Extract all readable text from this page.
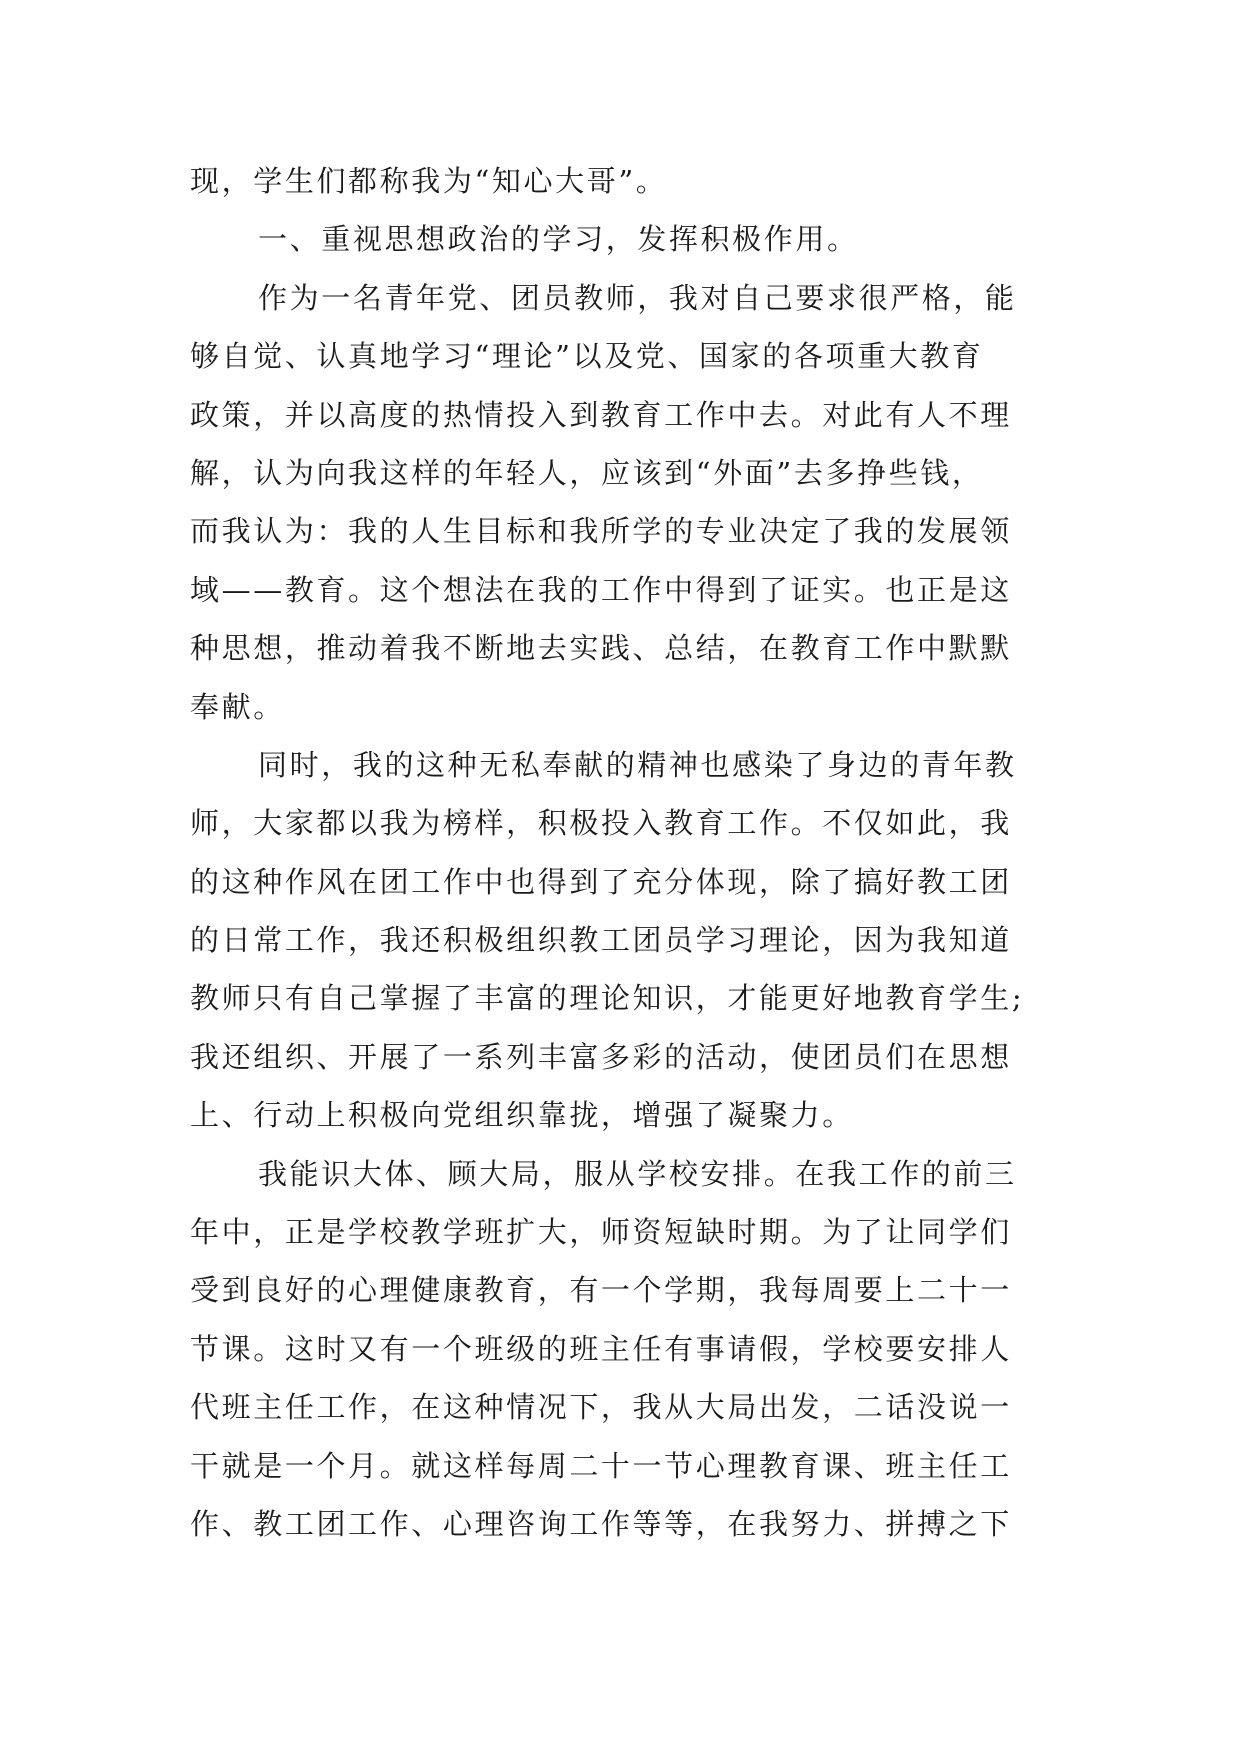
现，学生们都称我为“知心大哥”。
一、重视思想政治的学习，发挥积极作用。
作为一名青年党、团员教师，我对自己要求很严格，能
够自觉、认真地学习“理论”以及党、国家的各项重大教育
政策，并以高度的热情投入到教育工作中去。对此有人不理
解，认为向我这样的年轻人，应该到“外面”去多挣些钱，
而我认为：我的人生目标和我所学的专业决定了我的发展领
域——教育。这个想法在我的工作中得到了证实。也正是这
种思想，推动着我不断地去实践、总结，在教育工作中默默
奉献。
同时，我的这种无私奉献的精神也感染了身边的青年教
师，大家都以我为榜样，积极投入教育工作。不仅如此，我
的这种作风在团工作中也得到了充分体现，除了搞好教工团
的日常工作，我还积极组织教工团员学习理论，因为我知道
教师只有自己掌握了丰富的理论知识，才能更好地教育学生;
我还组织、开展了一系列丰富多彩的活动，使团员们在思想
上、行动上积极向党组织靠拢，增强了凝聚力。
我能识大体、顾大局，服从学校安排。在我工作的前三
年中，正是学校教学班扩大，师资短缺时期。为了让同学们
受到良好的心理健康教育，有一个学期，我每周要上二十一
节课。这时又有一个班级的班主任有事请假，学校要安排人
代班主任工作，在这种情况下，我从大局出发，二话没说一
干就是一个月。就这样每周二十一节心理教育课、班主任工
作、教工团工作、心理咨询工作等等，在我努力、拼搏之下
